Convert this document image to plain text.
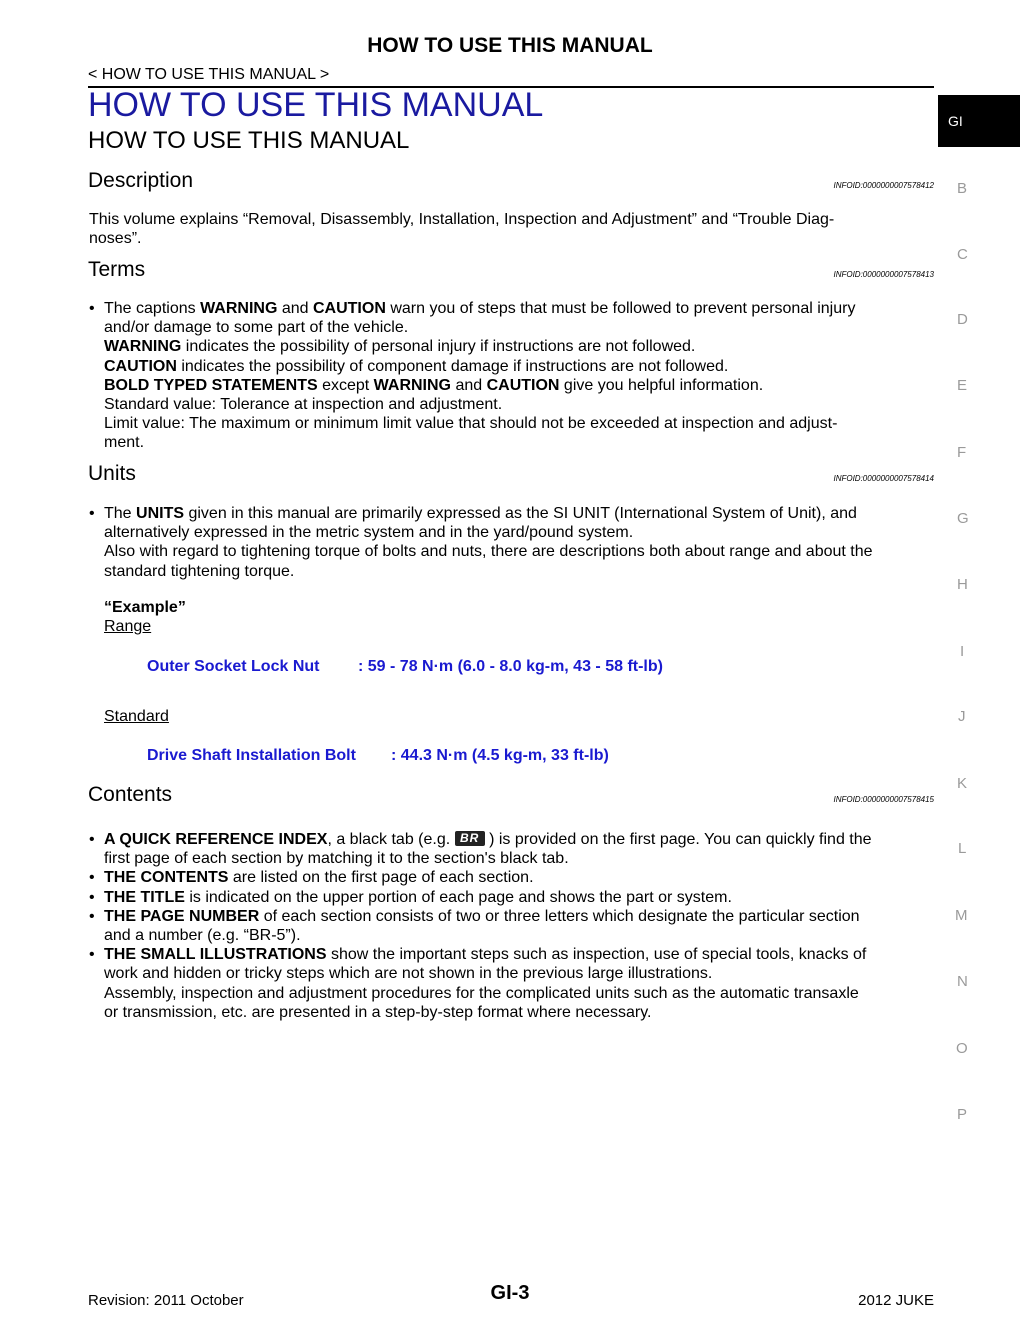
HOW TO USE THIS MANUAL
< HOW TO USE THIS MANUAL >
HOW TO USE THIS MANUAL
HOW TO USE THIS MANUAL
Description	INFOID:0000000007578412
This volume explains “Removal, Disassembly, Installation, Inspection and Adjustment” and “Trouble Diag-
noses”.
Terms	INFOID:0000000007578413
• The captions WARNING and CAUTION warn you of steps that must be followed to prevent personal injury
and/or damage to some part of the vehicle.
WARNING indicates the possibility of personal injury if instructions are not followed.
CAUTION indicates the possibility of component damage if instructions are not followed.
BOLD TYPED STATEMENTS except WARNING and CAUTION give you helpful information.
Standard value: Tolerance at inspection and adjustment.
Limit value: The maximum or minimum limit value that should not be exceeded at inspection and adjust-
ment.
Units	INFOID:0000000007578414
• The UNITS given in this manual are primarily expressed as the SI UNIT (International System of Unit), and
alternatively expressed in the metric system and in the yard/pound system.
Also with regard to tightening torque of bolts and nuts, there are descriptions both about range and about the
standard tightening torque.
“Example”
Range
Outer Socket Lock Nut : 59 - 78 N·m (6.0 - 8.0 kg-m, 43 - 58 ft-lb)
Standard
Drive Shaft Installation Bolt : 44.3 N·m (4.5 kg-m, 33 ft-lb)
Contents	INFOID:0000000007578415
• A QUICK REFERENCE INDEX, a black tab (e.g. BR ) is provided on the first page. You can quickly find the
first page of each section by matching it to the section's black tab.
• THE CONTENTS are listed on the first page of each section.
• THE TITLE is indicated on the upper portion of each page and shows the part or system.
• THE PAGE NUMBER of each section consists of two or three letters which designate the particular section
and a number (e.g. “BR-5”).
• THE SMALL ILLUSTRATIONS show the important steps such as inspection, use of special tools, knacks of
work and hidden or tricky steps which are not shown in the previous large illustrations.
Assembly, inspection and adjustment procedures for the complicated units such as the automatic transaxle
or transmission, etc. are presented in a step-by-step format where necessary.
GI
B
C
D
E
F
G
H
I
J
K
L
M
N
O
P
Revision: 2011 October	GI-3	2012 JUKE
